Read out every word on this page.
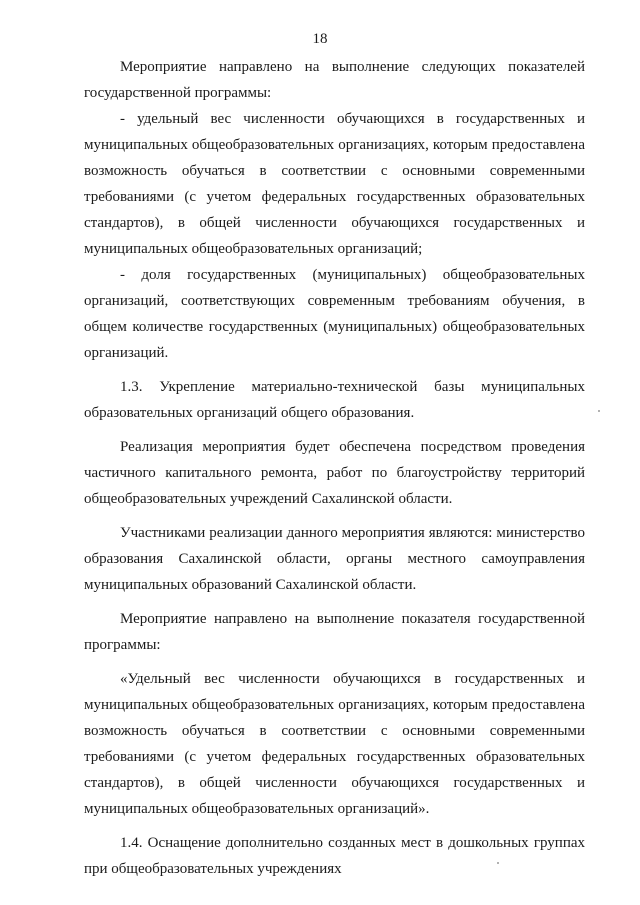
18

Мероприятие направлено на выполнение следующих показателей государственной программы:

- удельный вес численности обучающихся в государственных и муниципальных общеобразовательных организациях, которым предоставлена возможность обучаться в соответствии с основными современными требованиями (с учетом федеральных государственных образовательных стандартов), в общей численности обучающихся государственных и муниципальных общеобразовательных организаций;

- доля государственных (муниципальных) общеобразовательных организаций, соответствующих современным требованиям обучения, в общем количестве государственных (муниципальных) общеобразовательных организаций.

1.3. Укрепление материально-технической базы муниципальных образовательных организаций общего образования.

Реализация мероприятия будет обеспечена посредством проведения частичного капитального ремонта, работ по благоустройству территорий общеобразовательных учреждений Сахалинской области.

Участниками реализации данного мероприятия являются: министерство образования Сахалинской области, органы местного самоуправления муниципальных образований Сахалинской области.

Мероприятие направлено на выполнение показателя государственной программы:

«Удельный вес численности обучающихся в государственных и муниципальных общеобразовательных организациях, которым предоставлена возможность обучаться в соответствии с основными современными требованиями (с учетом федеральных государственных образовательных стандартов), в общей численности обучающихся государственных и муниципальных общеобразовательных организаций».

1.4. Оснащение дополнительно созданных мест в дошкольных группах при общеобразовательных учреждениях
